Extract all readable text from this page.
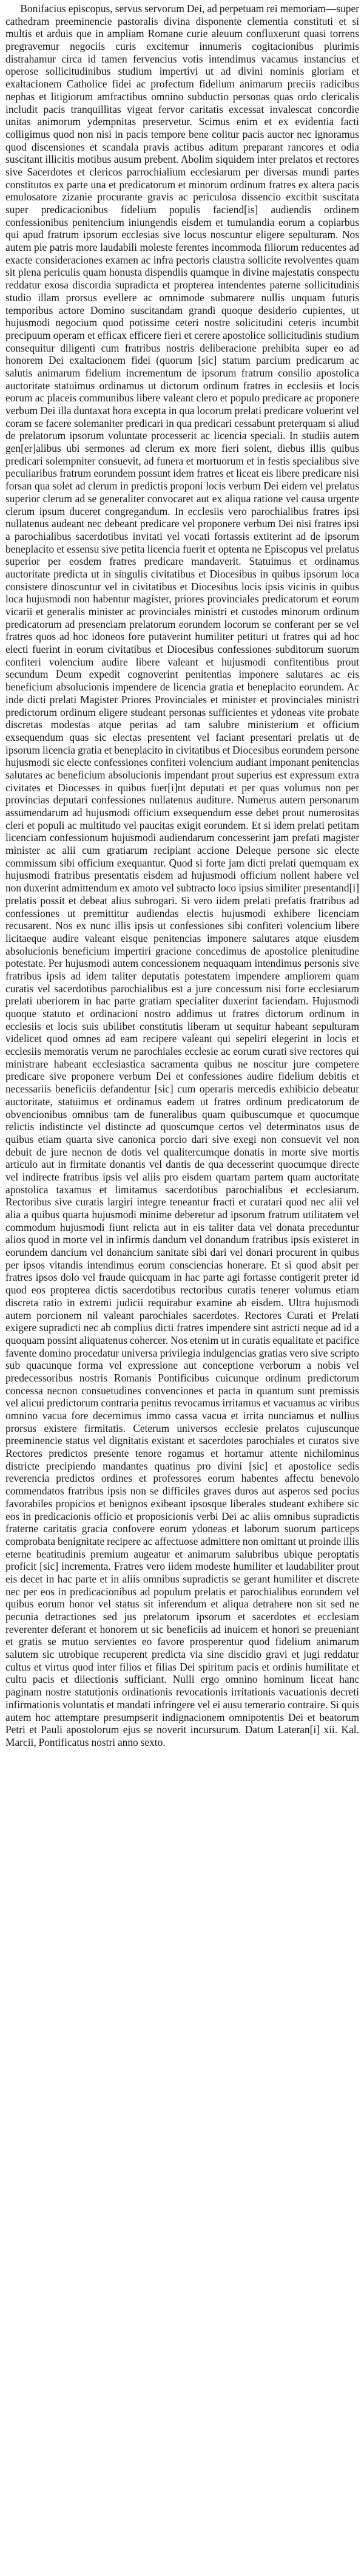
Bonifacius episcopus, servus servorum Dei, ad perpetuam rei memoriam—super cathedram preeminencie pastoralis divina disponente clementia constituti et si multis et arduis que in ampliam Romane curie aleuum confluxerunt quasi torrens pregravemur negociis curis excitemur innumeris cogitacionibus plurimis distrahamur circa id tamen fervencius votis intendimus vacamus instancius et operose sollicitudinibus studium impertivi ut ad divini nominis gloriam et exaltacionem Catholice fidei ac profectum fidelium animarum preciis radicibus nephas et litigiorum amfractibus omnino subductio personas quas ordo clericalis includit pacis tranquillitas vigeat fervor caritatis excessat invalescat concordie unitas animorum ydempnitas preservetur. Scimus enim et ex evidentia facti colligimus quod non nisi in pacis tempore bene colitur pacis auctor nec ignoramus quod discensiones et scandala pravis actibus aditum preparant rancores et odia suscitant illicitis motibus ausum prebent. Abolim siquidem inter prelatos et rectores sive Sacerdotes et clericos parrochialium ecclesiarum per diversas mundi partes constitutos ex parte una et predicatorum et minorum ordinum fratres ex altera pacis emulosatore zizanie procurante gravis ac periculosa dissencio excitbit suscitata super predicacionibus fidelium populis faciend[is] audiendis ordinem confessionibus penitencium iniungendis eisdem et tumulandia eorum a copiarbus qui apud fratrum ipsorum ecclesias sive locus noscuntur eligere sepulturam. Nos autem pie patris more laudabili moleste ferentes incommoda filiorum reducentes ad exacte consideraciones examen ac infra pectoris claustra sollicite revolventes quam sit plena periculis quam honusta dispendiis quamque in divine majestatis conspectu reddatur exosa discordia supradicta et propterea intendentes paterne sollicitudinis studio illam prorsus evellere ac omnimode submarere nullis unquam futuris temporibus actore Domino suscitandam grandi quoque desiderio cupientes, ut hujusmodi negocium quod potissime ceteri nostre solicitudini ceteris incumbit precipuum operam et efficax efficere fieri et cerere apostolice sollicitudinis studium consequitur diligenti cum fratribus nostris deliberacione prehibita super eo ad honorem Dei exaltacionem fidei (quorum [sic] statum parcium predicarum ac salutis animarum fidelium incrementum de ipsorum fratrum consilio apostolica auctoritate statuimus ordinamus ut dictorum ordinum fratres in ecclesiis et locis eorum ac placeis communibus libere valeant clero et populo predicare ac proponere verbum Dei illa duntaxat hora excepta in qua locorum prelati predicare voluerint vel coram se facere solemaniter predicari in qua predicari cessabunt preterquam si aliud de prelatorum ipsorum voluntate processerit ac licencia speciali. In studiis autem gen[er]alibus ubi sermones ad clerum ex more fieri solent, diebus illis quibus predicari solempniter consuevit, ad funera et mortuorum et in festis specialibus sive peculiaribus fratrum eorundem possunt idem fratres et liceat eis libere predicare nisi forsan qua solet ad clerum in predictis proponi locis verbum Dei eidem vel prelatus superior clerum ad se generaliter convocaret aut ex aliqua ratione vel causa urgente clerum ipsum duceret congregandum. In ecclesiis vero parochialibus fratres ipsi nullatenus audeant nec debeant predicare vel proponere verbum Dei nisi fratres ipsi a parochialibus sacerdotibus invitati vel vocati fortassis extiterint ad de ipsorum beneplacito et essensu sive petita licencia fuerit et optenta ne Episcopus vel prelatus superior per eosdem fratres predicare mandaverit. Statuimus et ordinamus auctoritate predicta ut in singulis civitatibus et Diocesibus in quibus ipsorum loca consistere dinoscuntur vel in civitatibus et Diocesibus locis ipsis vicinis in quibus loca hujusmodi non habentur magister, priores provinciales predicatorum et eorum vicarii et generalis minister ac provinciales ministri et custodes minorum ordinum predicatorum ad presenciam prelatorum eorundem locorum se conferant per se vel fratres quos ad hoc idoneos fore putaverint humiliter petituri ut fratres qui ad hoc electi fuerint in eorum civitatibus et Diocesibus confessiones subditorum suorum confiteri volencium audire libere valeant et hujusmodi confitentibus prout secundum Deum expedit cognoverint penitentias imponere salutares ac eis beneficium absolucionis impendere de licencia gratia et beneplacito eorundem. Ac inde dicti prelati Magister Priores Provinciales et minister et provinciales ministri predictorum ordinum eligere studeant personas sufficientes et ydoneas vite probate discretas modestas atque peritas ad tam salubre ministerium et officium exsequendum quas sic electas presentent vel faciant presentari prelatis ut de ipsorum licencia gratia et beneplacito in civitatibus et Diocesibus eorundem persone hujusmodi sic electe confessiones confiteri volencium audiant imponant penitencias salutares ac beneficium absolucionis impendant prout superius est expressum extra civitates et Diocesses in quibus fuer[i]nt deputati et per quas volumus non per provincias deputari confessiones nullatenus auditure. Numerus autem personarum assumendarum ad hujusmodi officium exsequendum esse debet prout numerositas cleri et populi ac multitudo vel paucitas exigit eorundem. Et si idem prelati petitam licenciam confessionum hujusmodi audiendarum concesserint jam prefati magister minister ac alii cum gratiarum recipiant accione Deleque persone sic electe commissum sibi officium exequantur. Quod si forte jam dicti prelati quemquam ex hujusmodi fratribus presentatis eisdem ad hujusmodi officium nollent habere vel non duxerint admittendum ex amoto vel subtracto loco ipsius similiter presentand[i] prelatis possit et debeat alius subrogari. Si vero iidem prelati prefatis fratribus ad confessiones ut premittitur audiendas electis hujusmodi exhibere licenciam recusarent. Nos ex nunc illis ipsis ut confessiones sibi confiteri volencium libere licitaeque audire valeant eisque penitencias imponere salutares atque eiusdem absolucionis beneficium impertiri gracione concedimus de apostolice plenitudine potestate. Per hujusmodi autem concessionem nequaquam intendimus personis sive fratribus ipsis ad idem taliter deputatis potestatem impendere ampliorem quam curatis vel sacerdotibus parochialibus est a jure concessum nisi forte ecclesiarum prelati uberiorem in hac parte gratiam specialiter duxerint faciendam. Hujusmodi quoque statuto et ordinacioni nostro addimus ut fratres dictorum ordinum in ecclesiis et locis suis ubilibet constitutis liberam ut sequitur habeant sepulturam videlicet quod omnes ad eam recipere valeant qui sepeliri elegerint in locis et ecclesiis memoratis verum ne parochiales ecclesie ac eorum curati sive rectores qui ministrare habeant ecclesiastica sacramenta quibus ne noscitur jure competere predicare sive proponere verbum Dei et confessiones audire fidelium debitis et necessariis beneficiis defandentur [sic] cum operaris mercedis exhibicio debeatur auctoritate, statuimus et ordinamus eadem ut fratres ordinum predicatorum de obvencionibus omnibus tam de funeralibus quam quibuscumque et quocumque relictis indistincte vel distincte ad quoscumque certos vel determinatos usus de quibus etiam quarta sive canonica porcio dari sive exegi non consuevit vel non debuit de jure necnon de dotis vel qualitercumque donatis in morte sive mortis articulo aut in firmitate donantis vel dantis de qua decesserint quocumque directe vel indirecte fratribus ipsis vel aliis pro eisdem quartam partem quam auctoritate apostolica taxamus et limitamus sacerdotibus parochialibus et ecclesiarum. Rectoribus sive curatis largiri integre teneantur fracti et curatari quod nec alii vel alia a quibus quarta hujusmodi minime deberetur ad ipsorum fratrum utilitatem vel commodum hujusmodi fiunt relicta aut in eis taliter data vel donata preceduntur alios quod in morte vel in infirmis dandum vel donandum fratribus ipsis existeret in eorundem dancium vel donancium sanitate sibi dari vel donari procurent in quibus per ipsos vitandis intendimus eorum consciencias honerare. Et si quod absit per fratres ipsos dolo vel fraude quicquam in hac parte agi fortasse contigerit preter id quod eos propterea dictis sacerdotibus rectoribus curatis tenerer volumus etiam discreta ratio in extremi judicii requirabur examine ab eisdem. Ultra hujusmodi autem porcionem nil valeant parochiales sacerdotes. Rectores Curati et Prelati exigere supradicti nec ab complius dicti fratres impendere sint astricti neque ad id a quoquam possint aliquatenus cohercer. Nos etenim ut in curatis equalitate et pacifice favente domino procedatur universa privilegia indulgencias gratias vero sive scripto sub quacunque forma vel expressione aut conceptione verborum a nobis vel predecessoribus nostris Romanis Pontificibus cuicunque ordinum predictorum concessa necnon consuetudines convenciones et pacta in quantum sunt premissis vel alicui predictorum contraria penitus revocamus irritamus et vacuamus ac viribus omnino vacua fore decernimus immo cassa vacua et irrita nunciamus et nullius prorsus existere firmitatis. Ceterum universos ecclesie prelatos cujuscunque preeminencie status vel dignitatis existant et sacerdotes parochiales et curatos sive Rectores predictos presente tenore rogamus et hortamur attente nichilominus districte precipiendo mandantes quatinus pro divini [sic] et apostolice sedis reverencia predictos ordines et professores eorum habentes affectu benevolo commendatos fratribus ipsis non se difficiles graves duros aut asperos sed pocius favorabiles propicios et benignos exibeant ipsosque liberales studeant exhibere sic eos in predicacionis officio et proposicionis verbi Dei ac aliis omnibus supradictis fraterne caritatis gracia confovere eorum ydoneas et laborum suorum particeps comprobata benignitate recipere ac affectuose admittere non omittant ut proinde illis eterne beatitudinis premium augeatur et animarum salubribus ubique peroptatis proficit [sic] incrementa. Fratres vero iidem modeste humiliter et laudabiliter prout eis decet in hac parte et in aliis omnibus supradictis se gerant humiliter et discrete nec per eos in predicacionibus ad populum prelatis et parochialibus eorundem vel quibus eorum honor vel status sit inferendum et aliqua detrahere non sit sed ne pecunia detractiones sed jus prelatorum ipsorum et sacerdotes et ecclesiam reverenter deferant et honorem ut sic beneficiis ad inuicem et honori se preueniant et gratis se mutuo servientes eo favore prosperentur quod fidelium animarum salutem sic utrobique recuperent predicta via sine discidio gravi et jugi reddatur cultus et virtus quod inter filios et filias Dei spiritum pacis et ordinis humilitate et cultu pacis et dilectionis sufficiant. Nulli ergo omnino hominum liceat hanc paginam nostre statutionis ordinationis revocationis irritationis vacuationis decreti infirmationis voluntatis et mandati infringere vel ei ausu temerario contraire. Si quis autem hoc attemptare presumpserit indignacionem omnipotentis Dei et beatorum Petri et Pauli apostolorum ejus se noverit incursurum. Datum Lateran[i] xii. Kal. Marcii, Pontificatus nostri anno sexto.
